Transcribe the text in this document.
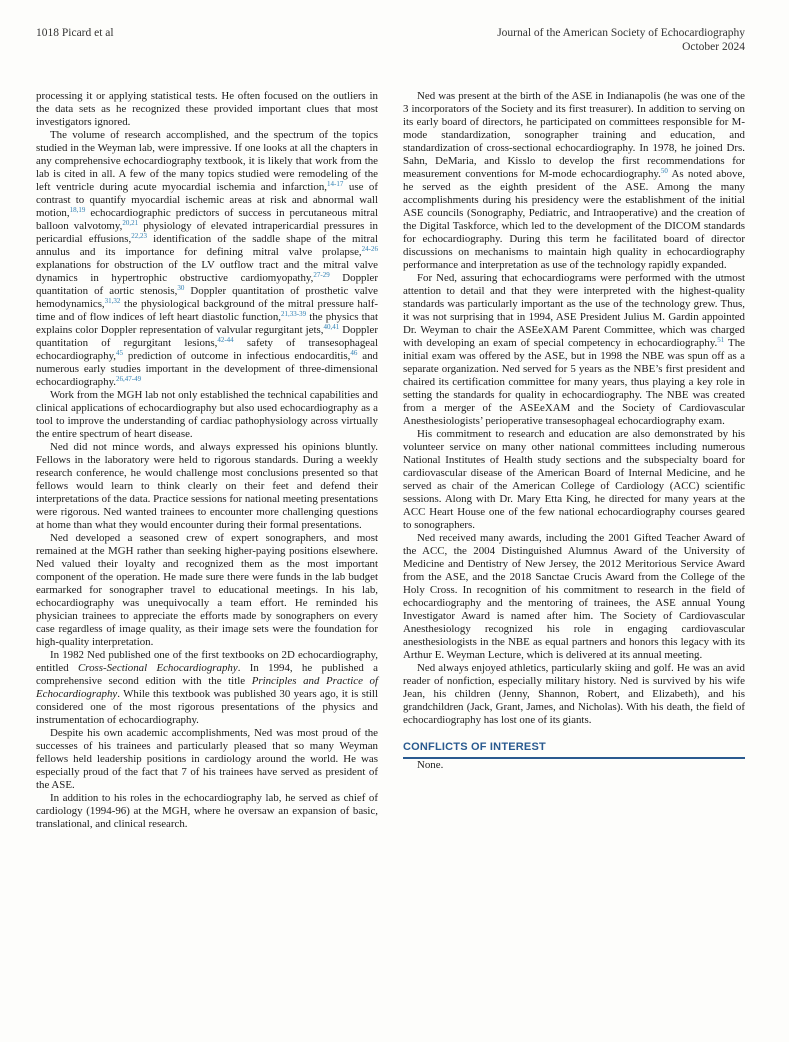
1018 Picard et al	Journal of the American Society of Echocardiography
October 2024

processing it or applying statistical tests. He often focused on the outliers in the data sets as he recognized these provided important clues that most investigators ignored.

The volume of research accomplished, and the spectrum of the topics studied in the Weyman lab, were impressive. If one looks at all the chapters in any comprehensive echocardiography textbook, it is likely that work from the lab is cited in all. A few of the many topics studied were remodeling of the left ventricle during acute myocardial ischemia and infarction,$^{14-17}$ use of contrast to quantify myocardial ischemic areas at risk and abnormal wall motion,$^{18,19}$ echocardiographic predictors of success in percutaneous mitral balloon valvotomy,$^{20,21}$ physiology of elevated intrapericardial pressures in pericardial effusions,$^{22,23}$ identification of the saddle shape of the mitral annulus and its importance for defining mitral valve prolapse,$^{24-26}$ explanations for obstruction of the LV outflow tract and the mitral valve dynamics in hypertrophic obstructive cardiomyopathy,$^{27-29}$ Doppler quantitation of aortic stenosis,$^{30}$ Doppler quantitation of prosthetic valve hemodynamics,$^{31,32}$ the physiological background of the mitral pressure half-time and of flow indices of left heart diastolic function,$^{21,33-39}$ the physics that explains color Doppler representation of valvular regurgitant jets,$^{40,41}$ Doppler quantitation of regurgitant lesions,$^{42-44}$ safety of transesophageal echocardiography,$^{45}$ prediction of outcome in infectious endocarditis,$^{46}$ and numerous early studies important in the development of three-dimensional echocardiography.$^{26,47-49}$

Work from the MGH lab not only established the technical capabilities and clinical applications of echocardiography but also used echocardiography as a tool to improve the understanding of cardiac pathophysiology across virtually the entire spectrum of heart disease.

Ned did not mince words, and always expressed his opinions bluntly. Fellows in the laboratory were held to rigorous standards. During a weekly research conference, he would challenge most conclusions presented so that fellows would learn to think clearly on their feet and defend their interpretations of the data. Practice sessions for national meeting presentations were rigorous. Ned wanted trainees to encounter more challenging questions at home than what they would encounter during their formal presentations.

Ned developed a seasoned crew of expert sonographers, and most remained at the MGH rather than seeking higher-paying positions elsewhere. Ned valued their loyalty and recognized them as the most important component of the operation. He made sure there were funds in the lab budget earmarked for sonographer travel to educational meetings. In his lab, echocardiography was unequivocally a team effort. He reminded his physician trainees to appreciate the efforts made by sonographers on every case regardless of image quality, as their image sets were the foundation for high-quality interpretation.

In 1982 Ned published one of the first textbooks on 2D echocardiography, entitled Cross-Sectional Echocardiography. In 1994, he published a comprehensive second edition with the title Principles and Practice of Echocardiography. While this textbook was published 30 years ago, it is still considered one of the most rigorous presentations of the physics and instrumentation of echocardiography.

Despite his own academic accomplishments, Ned was most proud of the successes of his trainees and particularly pleased that so many Weyman fellows held leadership positions in cardiology around the world. He was especially proud of the fact that 7 of his trainees have served as president of the ASE.

In addition to his roles in the echocardiography lab, he served as chief of cardiology (1994-96) at the MGH, where he oversaw an expansion of basic, translational, and clinical research.

Ned was present at the birth of the ASE in Indianapolis (he was one of the 3 incorporators of the Society and its first treasurer). In addition to serving on its early board of directors, he participated on committees responsible for M-mode standardization, sonographer training and education, and standardization of cross-sectional echocardiography. In 1978, he joined Drs. Sahn, DeMaria, and Kisslo to develop the first recommendations for measurement conventions for M-mode echocardiography.$^{50}$ As noted above, he served as the eighth president of the ASE. Among the many accomplishments during his presidency were the establishment of the initial ASE councils (Sonography, Pediatric, and Intraoperative) and the creation of the Digital Taskforce, which led to the development of the DICOM standards for echocardiography. During this term he facilitated board of director discussions on mechanisms to maintain high quality in echocardiography performance and interpretation as use of the technology rapidly expanded.

For Ned, assuring that echocardiograms were performed with the utmost attention to detail and that they were interpreted with the highest-quality standards was particularly important as the use of the technology grew. Thus, it was not surprising that in 1994, ASE President Julius M. Gardin appointed Dr. Weyman to chair the ASEeXAM Parent Committee, which was charged with developing an exam of special competency in echocardiography.$^{51}$ The initial exam was offered by the ASE, but in 1998 the NBE was spun off as a separate organization. Ned served for 5 years as the NBE’s first president and chaired its certification committee for many years, thus playing a key role in setting the standards for quality in echocardiography. The NBE was created from a merger of the ASEeXAM and the Society of Cardiovascular Anesthesiologists’ perioperative transesophageal echocardiography exam.

His commitment to research and education are also demonstrated by his volunteer service on many other national committees including numerous National Institutes of Health study sections and the subspecialty board for cardiovascular disease of the American Board of Internal Medicine, and he served as chair of the American College of Cardiology (ACC) scientific sessions. Along with Dr. Mary Etta King, he directed for many years at the ACC Heart House one of the few national echocardiography courses geared to sonographers.

Ned received many awards, including the 2001 Gifted Teacher Award of the ACC, the 2004 Distinguished Alumnus Award of the University of Medicine and Dentistry of New Jersey, the 2012 Meritorious Service Award from the ASE, and the 2018 Sanctae Crucis Award from the College of the Holy Cross. In recognition of his commitment to research in the field of echocardiography and the mentoring of trainees, the ASE annual Young Investigator Award is named after him. The Society of Cardiovascular Anesthesiology recognized his role in engaging cardiovascular anesthesiologists in the NBE as equal partners and honors this legacy with its Arthur E. Weyman Lecture, which is delivered at its annual meeting.

Ned always enjoyed athletics, particularly skiing and golf. He was an avid reader of nonfiction, especially military history. Ned is survived by his wife Jean, his children (Jenny, Shannon, Robert, and Elizabeth), and his grandchildren (Jack, Grant, James, and Nicholas). With his death, the field of echocardiography has lost one of its giants.

CONFLICTS OF INTEREST

None.
